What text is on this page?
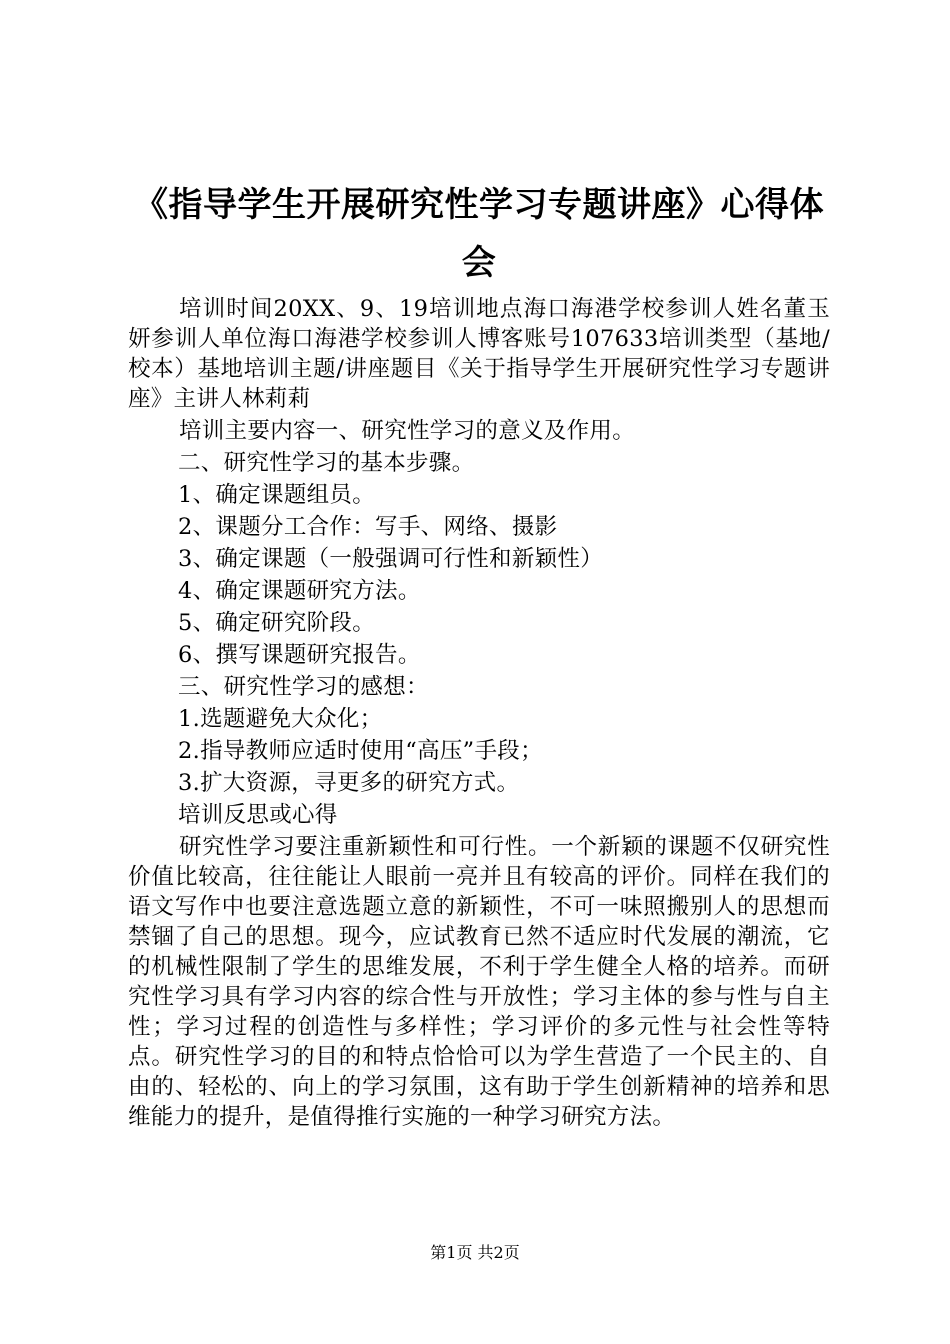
《指导学生开展研究性学习专题讲座》心得体会

培训时间20XX、9、19培训地点海口海港学校参训人姓名董玉妍参训人单位海口海港学校参训人博客账号107633培训类型（基地/校本）基地培训主题/讲座题目《关于指导学生开展研究性学习专题讲座》主讲人林莉莉

培训主要内容一、研究性学习的意义及作用。

二、研究性学习的基本步骤。

1、确定课题组员。

2、课题分工合作：写手、网络、摄影

3、确定课题（一般强调可行性和新颖性）

4、确定课题研究方法。

5、确定研究阶段。

6、撰写课题研究报告。

三、研究性学习的感想：

1.选题避免大众化；

2.指导教师应适时使用“高压”手段；

3.扩大资源，寻更多的研究方式。

培训反思或心得

研究性学习要注重新颖性和可行性。一个新颖的课题不仅研究性价值比较高，往往能让人眼前一亮并且有较高的评价。同样在我们的语文写作中也要注意选题立意的新颖性，不可一味照搬别人的思想而禁锢了自己的思想。现今，应试教育已然不适应时代发展的潮流，它的机械性限制了学生的思维发展，不利于学生健全人格的培养。而研究性学习具有学习内容的综合性与开放性；学习主体的参与性与自主性；学习过程的创造性与多样性；学习评价的多元性与社会性等特点。研究性学习的目的和特点恰恰可以为学生营造了一个民主的、自由的、轻松的、向上的学习氛围，这有助于学生创新精神的培养和思维能力的提升，是值得推行实施的一种学习研究方法。

第1页 共2页
